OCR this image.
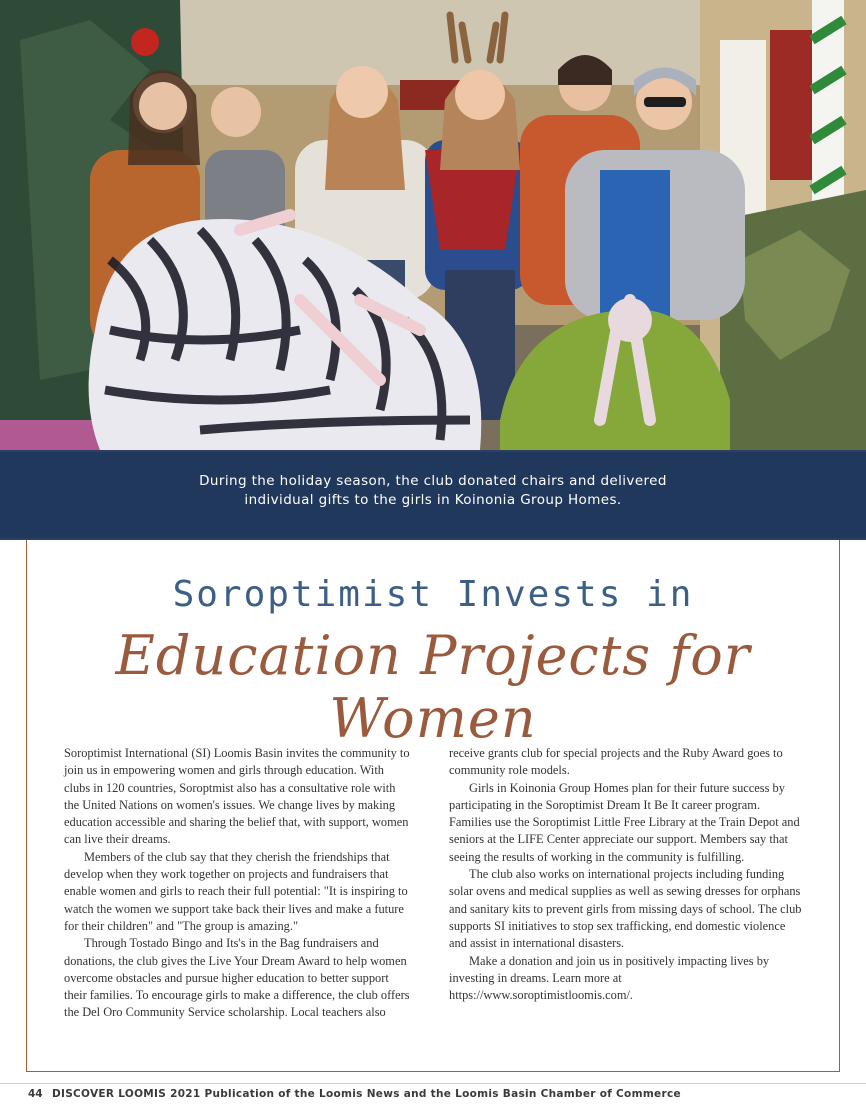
During the holiday season, the club donated chairs and delivered
individual gifts to the girls in Koinonia Group Homes.
Soroptimist Invests in
Education Projects for Women

Soroptimist International (SI) Loomis Basin invites the community to join us in empowering women and girls through education. With clubs in 120 countries, Soroptmist also has a consultative role with the United Nations on women's issues. We change lives by making education accessible and sharing the belief that, with support, women can live their dreams.

Members of the club say that they cherish the friendships that develop when they work together on projects and fundraisers that enable women and girls to reach their full potential: "It is inspiring to watch the women we support take back their lives and make a future for their children" and "The group is amazing."

Through Tostado Bingo and Its's in the Bag fundraisers and donations, the club gives the Live Your Dream Award to help women overcome obstacles and pursue higher education to better support their families. To encourage girls to make a difference, the club offers the Del Oro Community Service scholarship. Local teachers also

receive grants club for special projects and the Ruby Award goes to community role models.

Girls in Koinonia Group Homes plan for their future success by participating in the Soroptimist Dream It Be It career program. Families use the Soroptimist Little Free Library at the Train Depot and seniors at the LIFE Center appreciate our support. Members say that seeing the results of working in the community is fulfilling.

The club also works on international projects including funding solar ovens and medical supplies as well as sewing dresses for orphans and sanitary kits to prevent girls from missing days of school. The club supports SI initiatives to stop sex trafficking, end domestic violence and assist in international disasters.

Make a donation and join us in positively impacting lives by investing in dreams. Learn more at https://www.soroptimistloomis.com/.

44 DISCOVER LOOMIS 2021 Publication of the Loomis News and the Loomis Basin Chamber of Commerce
